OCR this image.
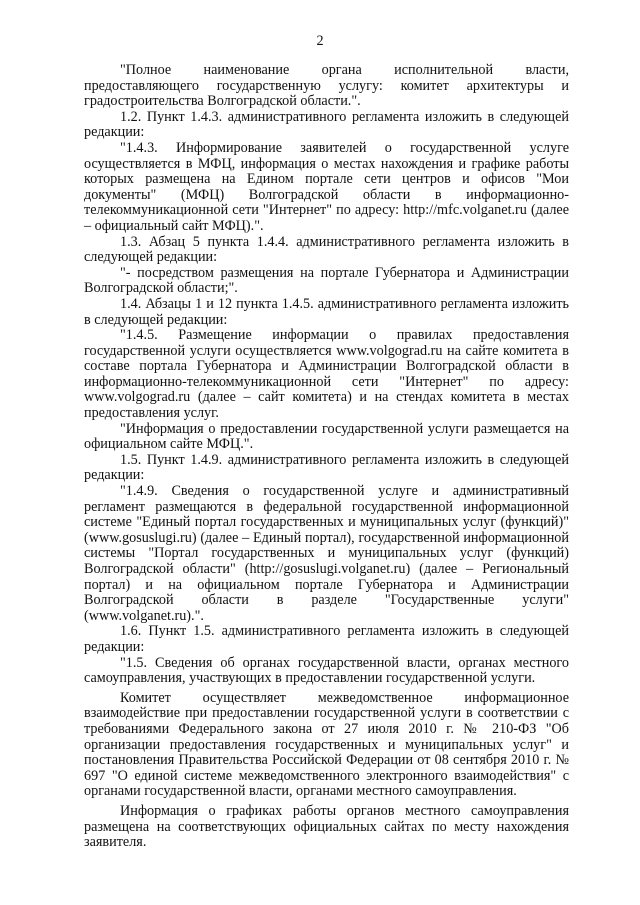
2

"Полное наименование органа исполнительной власти, предоставляющего государственную услугу: комитет архитектуры и градостроительства Волгоградской области.".

1.2. Пункт 1.4.3. административного регламента изложить в следующей редакции:

"1.4.3. Информирование заявителей о государственной услуге осуществляется в МФЦ, информация о местах нахождения и графике работы которых размещена на Едином портале сети центров и офисов "Мои документы" (МФЦ) Волгоградской области в информационно-телекоммуникационной сети "Интернет" по адресу: http://mfc.volganet.ru (далее – официальный сайт МФЦ).".

1.3. Абзац 5 пункта 1.4.4. административного регламента изложить в следующей редакции:

"- посредством размещения на портале Губернатора и Администрации Волгоградской области;".

1.4. Абзацы 1 и 12 пункта 1.4.5. административного регламента изложить в следующей редакции:

"1.4.5. Размещение информации о правилах предоставления государственной услуги осуществляется www.volgograd.ru на сайте комитета в составе портала Губернатора и Администрации Волгоградской области в информационно-телекоммуникационной сети "Интернет" по адресу: www.volgograd.ru (далее – сайт комитета) и на стендах комитета в местах предоставления услуг.

"Информация о предоставлении государственной услуги размещается на официальном сайте МФЦ.".

1.5. Пункт 1.4.9. административного регламента изложить в следующей редакции:

"1.4.9. Сведения о государственной услуге и административный регламент размещаются в федеральной государственной информационной системе "Единый портал государственных и муниципальных услуг (функций)" (www.gosuslugi.ru) (далее – Единый портал), государственной информационной системы "Портал государственных и муниципальных услуг (функций) Волгоградской области" (http://gosuslugi.volganet.ru) (далее – Региональный портал) и на официальном портале Губернатора и Администрации Волгоградской области в разделе "Государственные услуги" (www.volganet.ru).".

1.6. Пункт 1.5. административного регламента изложить в следующей редакции:

"1.5. Сведения об органах государственной власти, органах местного самоуправления, участвующих в предоставлении государственной услуги.

Комитет осуществляет межведомственное информационное взаимодействие при предоставлении государственной услуги в соответствии с требованиями Федерального закона от 27 июля 2010 г. № 210-ФЗ "Об организации предоставления государственных и муниципальных услуг" и постановления Правительства Российской Федерации от 08 сентября 2010 г. № 697 "О единой системе межведомственного электронного взаимодействия" с органами государственной власти, органами местного самоуправления.

Информация о графиках работы органов местного самоуправления размещена на соответствующих официальных сайтах по месту нахождения заявителя.
